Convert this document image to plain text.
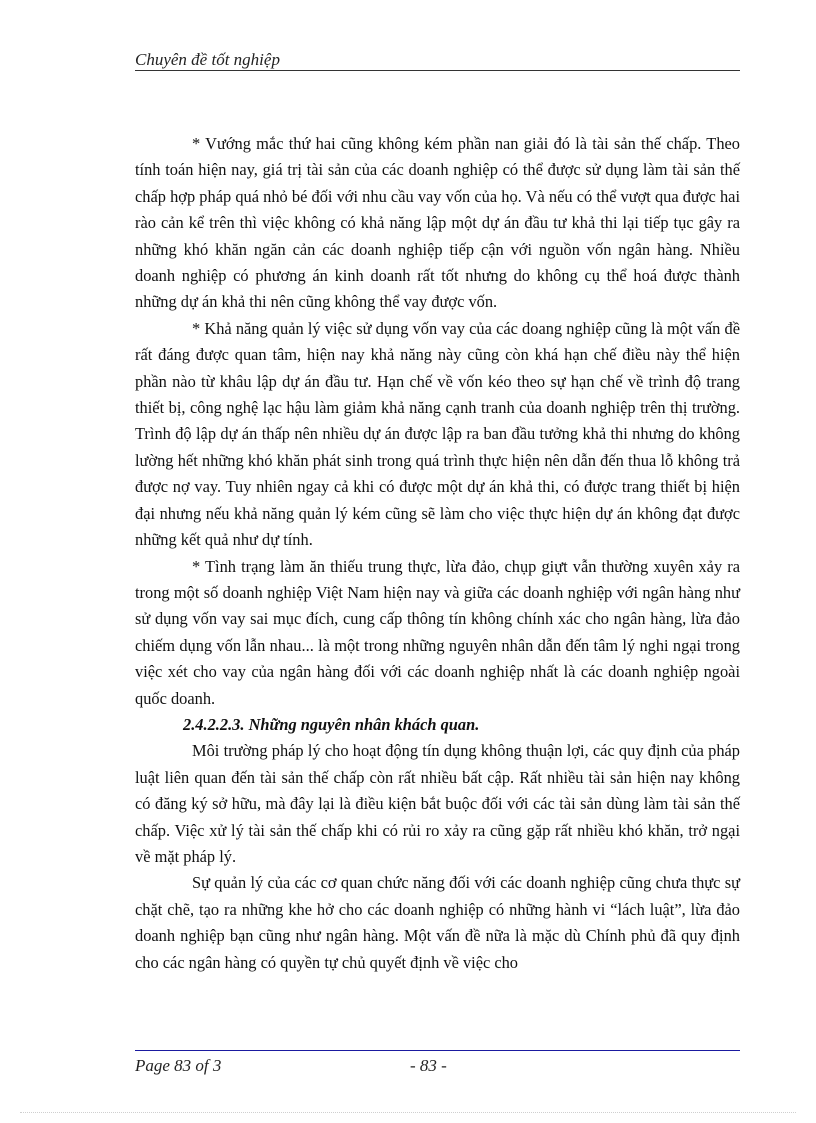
Chuyên đề tốt nghiệp

* Vướng mắc thứ hai cũng không kém phần nan giải đó là tài sản thế chấp. Theo tính toán hiện nay, giá trị tài sản của các doanh nghiệp có thể được sử dụng làm tài sản thế chấp hợp pháp quá nhỏ bé đối với nhu cầu vay vốn của họ. Và nếu có thể vượt qua được hai rào cản kể trên thì việc không có khả năng lập một dự án đầu tư khả thi lại tiếp tục gây ra những khó khăn ngăn cản các doanh nghiệp tiếp cận với nguồn vốn ngân hàng. Nhiều doanh nghiệp có phương án kinh doanh rất tốt nhưng do không cụ thể hoá được thành những dự án khả thi nên cũng không thể vay được vốn.

* Khả năng quản lý việc sử dụng vốn vay của các doang nghiệp cũng là một vấn đề rất đáng được quan tâm, hiện nay khả năng này cũng còn khá hạn chế điều này thể hiện phần nào từ khâu lập dự án đầu tư. Hạn chế về vốn kéo theo sự hạn chế về trình độ trang thiết bị, công nghệ lạc hậu làm giảm khả năng cạnh tranh của doanh nghiệp trên thị trường. Trình độ lập dự án thấp nên nhiều dự án được lập ra ban đầu tưởng khả thi nhưng do không lường hết những khó khăn phát sinh trong quá trình thực hiện nên dẫn đến thua lỗ không trả được nợ vay. Tuy nhiên ngay cả khi có được một dự án khả thi, có được trang thiết bị hiện đại nhưng nếu khả năng quản lý kém cũng sẽ làm cho việc thực hiện dự án không đạt được những kết quả như dự tính.

* Tình trạng làm ăn thiếu trung thực, lừa đảo, chụp giựt vẫn thường xuyên xảy ra trong một số doanh nghiệp Việt Nam hiện nay và giữa các doanh nghiệp với ngân hàng như sử dụng vốn vay sai mục đích, cung cấp thông tín không chính xác cho ngân hàng, lừa đảo chiếm dụng vốn lẫn nhau... là một trong những nguyên nhân dẫn đến tâm lý nghi ngại trong việc xét cho vay của ngân hàng đối với các doanh nghiệp nhất là các doanh nghiệp ngoài quốc doanh.

2.4.2.2.3. Những nguyên nhân khách quan.

Môi trường pháp lý cho hoạt động tín dụng không thuận lợi, các quy định của pháp luật liên quan đến tài sản thế chấp còn rất nhiều bất cập. Rất nhiều tài sản hiện nay không có đăng ký sở hữu, mà đây lại là điều kiện bắt buộc đối với các tài sản dùng làm tài sản thế chấp. Việc xử lý tài sản thế chấp khi có rủi ro xảy ra cũng gặp rất nhiều khó khăn, trở ngại về mặt pháp lý.

Sự quản lý của các cơ quan chức năng đối với các doanh nghiệp cũng chưa thực sự chặt chẽ, tạo ra những khe hở cho các doanh nghiệp có những hành vi “lách luật”, lừa đảo doanh nghiệp bạn cũng như ngân hàng. Một vấn đề nữa là mặc dù Chính phủ đã quy định cho các ngân hàng có quyền tự chủ quyết định về việc cho

Page 83 of 3	- 83 -
